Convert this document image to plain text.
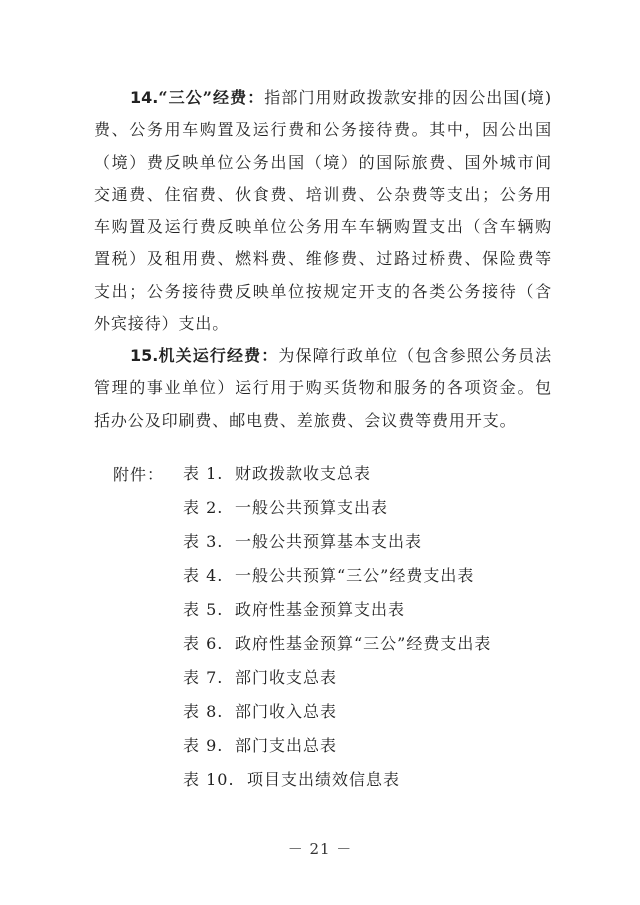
14.“三公”经费：指部门用财政拨款安排的因公出国(境)
费、公务用车购置及运行费和公务接待费。其中，因公出国
（境）费反映单位公务出国（境）的国际旅费、国外城市间
交通费、住宿费、伙食费、培训费、公杂费等支出；公务用
车购置及运行费反映单位公务用车车辆购置支出（含车辆购
置税）及租用费、燃料费、维修费、过路过桥费、保险费等
支出；公务接待费反映单位按规定开支的各类公务接待（含
外宾接待）支出。
15.机关运行经费：为保障行政单位（包含参照公务员法
管理的事业单位）运行用于购买货物和服务的各项资金。包
括办公及印刷费、邮电费、差旅费、会议费等费用开支。
附件： 表 1. 财政拨款收支总表
表 2. 一般公共预算支出表
表 3. 一般公共预算基本支出表
表 4. 一般公共预算“三公”经费支出表
表 5. 政府性基金预算支出表
表 6. 政府性基金预算“三公”经费支出表
表 7. 部门收支总表
表 8. 部门收入总表
表 9. 部门支出总表
表 10. 项目支出绩效信息表
－ 21 －
